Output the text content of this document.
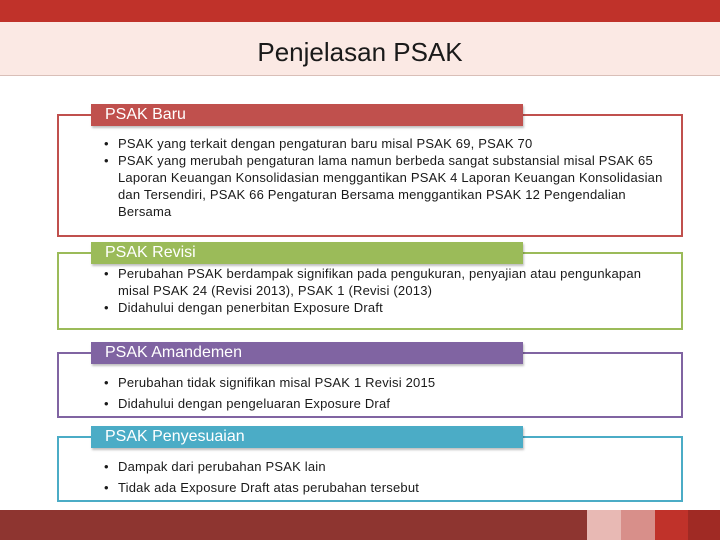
Penjelasan PSAK
PSAK Baru
• PSAK yang terkait dengan pengaturan baru misal PSAK 69, PSAK 70
• PSAK yang merubah pengaturan lama namun berbeda sangat substansial misal PSAK 65 Laporan Keuangan Konsolidasian menggantikan PSAK 4 Laporan Keuangan Konsolidasian dan Tersendiri, PSAK 66 Pengaturan Bersama menggantikan PSAK 12 Pengendalian Bersama
PSAK Revisi
• Perubahan PSAK berdampak signifikan pada pengukuran, penyajian atau pengunkapan misal PSAK 24 (Revisi 2013), PSAK 1 (Revisi (2013)
• Didahului dengan penerbitan Exposure Draft
PSAK Amandemen
• Perubahan tidak signifikan misal PSAK 1 Revisi 2015
• Didahului dengan pengeluaran Exposure Draf
PSAK Penyesuaian
• Dampak dari perubahan PSAK lain
• Tidak ada Exposure Draft atas perubahan tersebut
